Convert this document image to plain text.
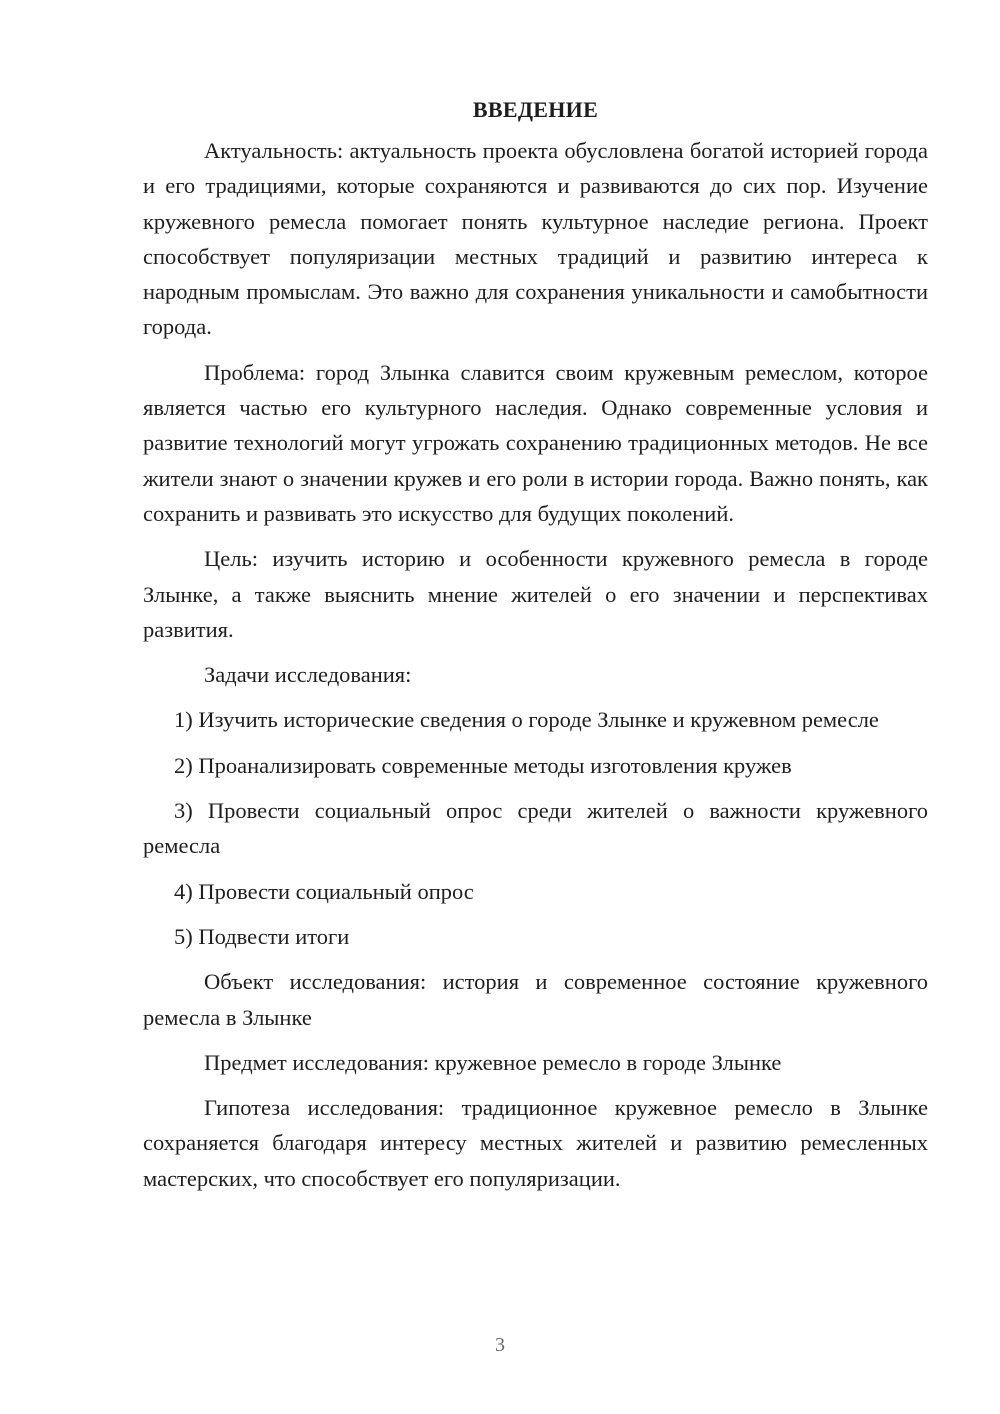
ВВЕДЕНИЕ

Актуальность: актуальность проекта обусловлена богатой историей города и его традициями, которые сохраняются и развиваются до сих пор. Изучение кружевного ремесла помогает понять культурное наследие региона. Проект способствует популяризации местных традиций и развитию интереса к народным промыслам. Это важно для сохранения уникальности и самобытности города.

Проблема: город Злынка славится своим кружевным ремеслом, которое является частью его культурного наследия. Однако современные условия и развитие технологий могут угрожать сохранению традиционных методов. Не все жители знают о значении кружев и его роли в истории города. Важно понять, как сохранить и развивать это искусство для будущих поколений.

Цель: изучить историю и особенности кружевного ремесла в городе Злынке, а также выяснить мнение жителей о его значении и перспективах развития.

Задачи исследования:

1) Изучить исторические сведения о городе Злынке и кружевном ремесле

2) Проанализировать современные методы изготовления кружев

3) Провести социальный опрос среди жителей о важности кружевного ремесла

4) Провести социальный опрос

5) Подвести итоги

Объект исследования: история и современное состояние кружевного ремесла в Злынке

Предмет исследования: кружевное ремесло в городе Злынке

Гипотеза исследования: традиционное кружевное ремесло в Злынке сохраняется благодаря интересу местных жителей и развитию ремесленных мастерских, что способствует его популяризации.

3
